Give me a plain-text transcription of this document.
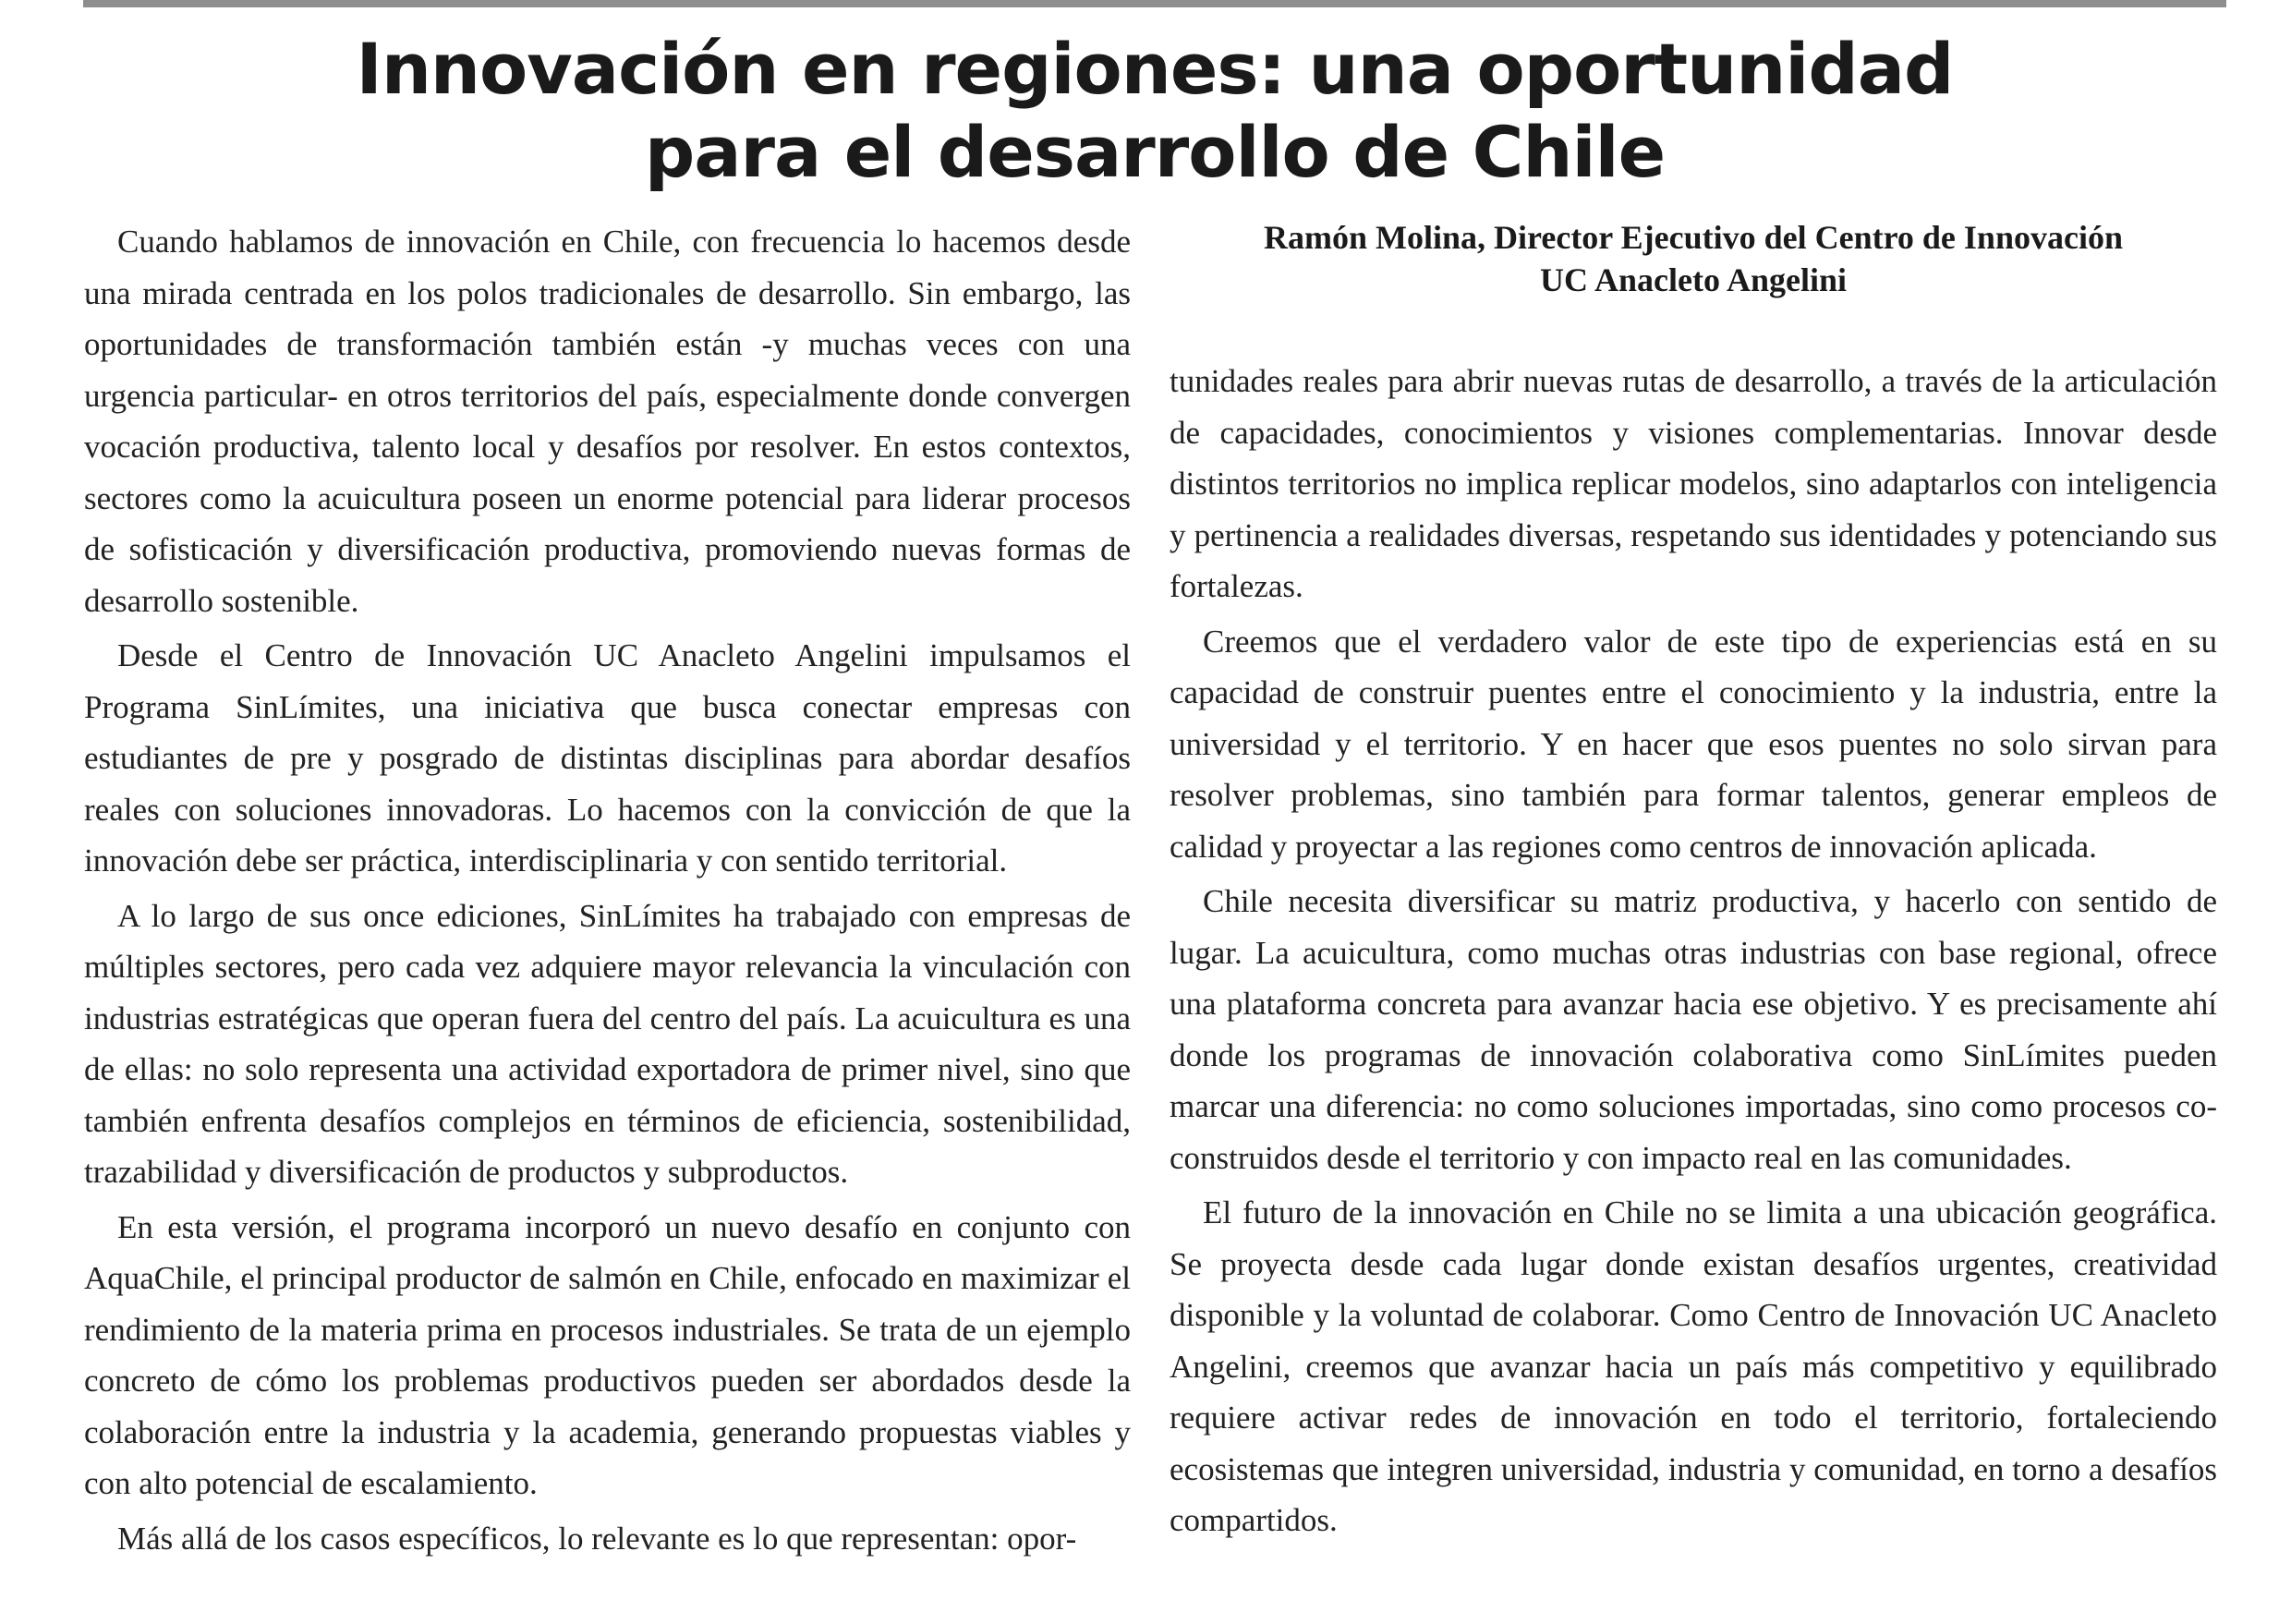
Innovación en regiones: una oportunidad
para el desarrollo de Chile
Ramón Molina, Director Ejecutivo del Centro de Innovación
UC Anacleto Angelini

Cuando hablamos de innovación en Chile, con frecuencia lo hacemos desde una mirada centrada en los polos tradicionales de desarrollo. Sin embargo, las oportunidades de transformación también están -y muchas veces con una urgencia particular- en otros territorios del país, especialmente donde convergen vocación productiva, talento local y desafíos por resolver. En estos contextos, sectores como la acuicultura poseen un enorme potencial para liderar procesos de sofisticación y diversificación productiva, promoviendo nuevas formas de desarrollo sostenible.

Desde el Centro de Innovación UC Anacleto Angelini impulsamos el Programa SinLímites, una iniciativa que busca conectar empresas con estudiantes de pre y posgrado de distintas disciplinas para abordar desafíos reales con soluciones innovadoras. Lo hacemos con la convicción de que la innovación debe ser práctica, interdisciplinaria y con sentido territorial.

A lo largo de sus once ediciones, SinLímites ha trabajado con empresas de múltiples sectores, pero cada vez adquiere mayor relevancia la vinculación con industrias estratégicas que operan fuera del centro del país. La acuicultura es una de ellas: no solo representa una actividad exportadora de primer nivel, sino que también enfrenta desafíos complejos en términos de eficiencia, sostenibilidad, trazabilidad y diversificación de productos y subproductos.

En esta versión, el programa incorporó un nuevo desafío en conjunto con AquaChile, el principal productor de salmón en Chile, enfocado en maximizar el rendimiento de la materia prima en procesos industriales. Se trata de un ejemplo concreto de cómo los problemas productivos pueden ser abordados desde la colaboración entre la industria y la academia, generando propuestas viables y con alto potencial de escalamiento.

Más allá de los casos específicos, lo relevante es lo que representan: opor-

tunidades reales para abrir nuevas rutas de desarrollo, a través de la articulación de capacidades, conocimientos y visiones complementarias. Innovar desde distintos territorios no implica replicar modelos, sino adaptarlos con inteligencia y pertinencia a realidades diversas, respetando sus identidades y potenciando sus fortalezas.

Creemos que el verdadero valor de este tipo de experiencias está en su capacidad de construir puentes entre el conocimiento y la industria, entre la universidad y el territorio. Y en hacer que esos puentes no solo sirvan para resolver problemas, sino también para formar talentos, generar empleos de calidad y proyectar a las regiones como centros de innovación aplicada.

Chile necesita diversificar su matriz productiva, y hacerlo con sentido de lugar. La acuicultura, como muchas otras industrias con base regional, ofrece una plataforma concreta para avanzar hacia ese objetivo. Y es precisamente ahí donde los programas de innovación colaborativa como SinLímites pueden marcar una diferencia: no como soluciones importadas, sino como procesos co-construidos desde el territorio y con impacto real en las comunidades.

El futuro de la innovación en Chile no se limita a una ubicación geográfica. Se proyecta desde cada lugar donde existan desafíos urgentes, creatividad disponible y la voluntad de colaborar. Como Centro de Innovación UC Anacleto Angelini, creemos que avanzar hacia un país más competitivo y equilibrado requiere activar redes de innovación en todo el territorio, fortaleciendo ecosistemas que integren universidad, industria y comunidad, en torno a desafíos compartidos.
